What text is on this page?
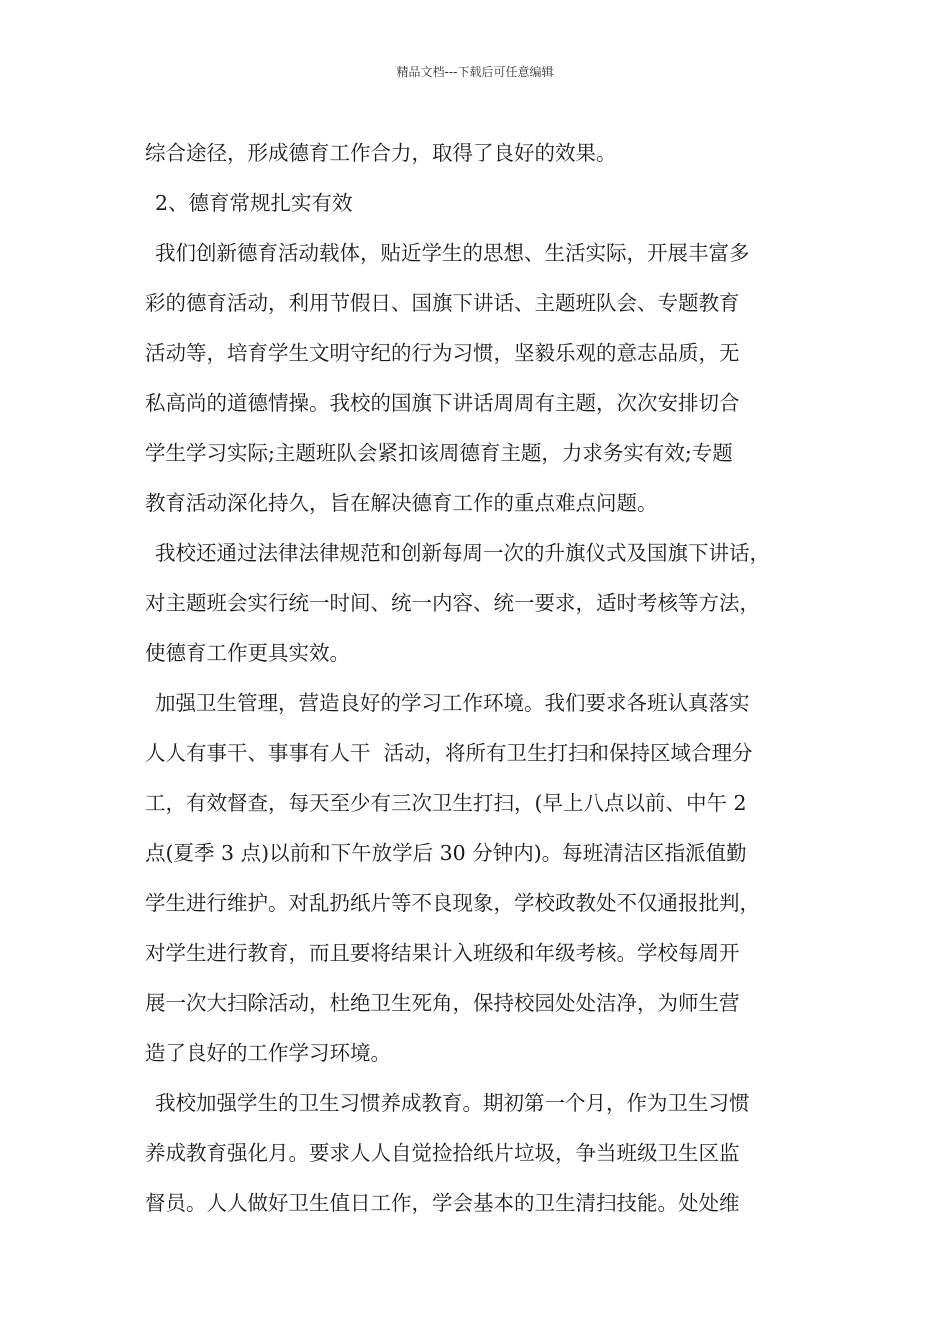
精品文档---下载后可任意编辑
综合途径，形成德育工作合力，取得了良好的效果。
2、德育常规扎实有效
我们创新德育活动载体，贴近学生的思想、生活实际，开展丰富多
彩的德育活动，利用节假日、国旗下讲话、主题班队会、专题教育
活动等，培育学生文明守纪的行为习惯，坚毅乐观的意志品质，无
私高尚的道德情操。我校的国旗下讲话周周有主题，次次安排切合
学生学习实际;主题班队会紧扣该周德育主题，力求务实有效;专题
教育活动深化持久，旨在解决德育工作的重点难点问题。
我校还通过法律法律规范和创新每周一次的升旗仪式及国旗下讲话，
对主题班会实行统一时间、统一内容、统一要求，适时考核等方法，
使德育工作更具实效。
加强卫生管理，营造良好的学习工作环境。我们要求各班认真落实
人人有事干、事事有人干  活动，将所有卫生打扫和保持区域合理分
工，有效督查，每天至少有三次卫生打扫，(早上八点以前、中午 2
点(夏季 3 点)以前和下午放学后 30 分钟内)。每班清洁区指派值勤
学生进行维护。对乱扔纸片等不良现象，学校政教处不仅通报批判，
对学生进行教育，而且要将结果计入班级和年级考核。学校每周开
展一次大扫除活动，杜绝卫生死角，保持校园处处洁净，为师生营
造了良好的工作学习环境。
我校加强学生的卫生习惯养成教育。期初第一个月，作为卫生习惯
养成教育强化月。要求人人自觉捡拾纸片垃圾，争当班级卫生区监
督员。人人做好卫生值日工作，学会基本的卫生清扫技能。处处维
